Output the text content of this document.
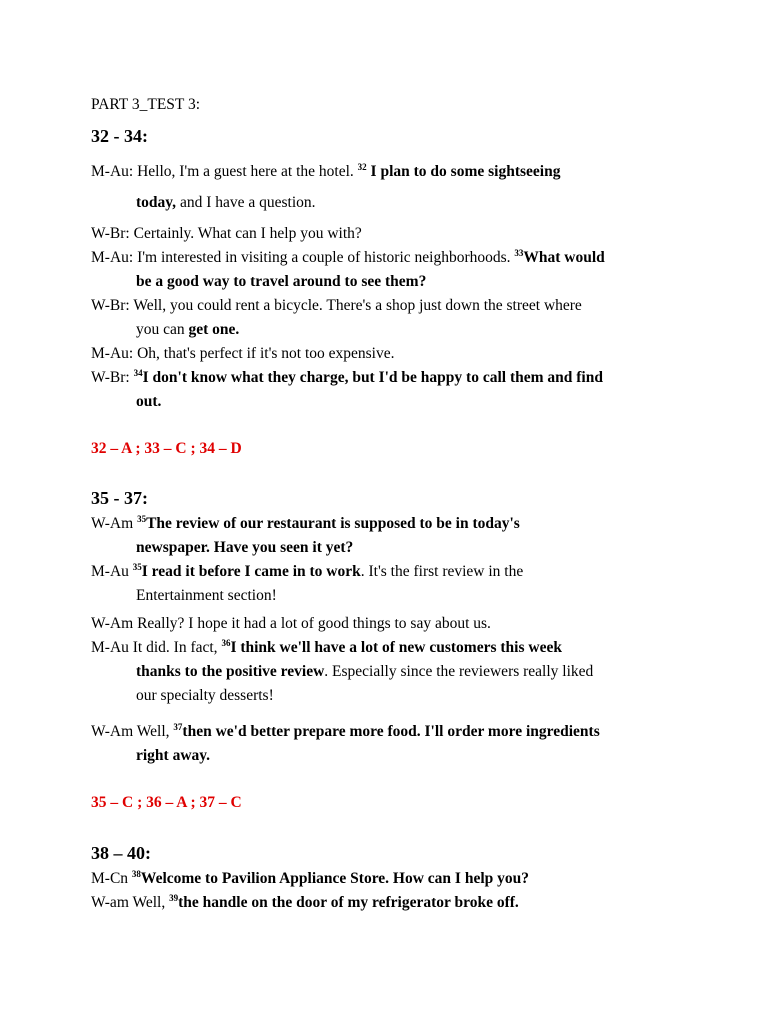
PART 3_TEST 3:
32 - 34:
M-Au: Hello, I'm a guest here at the hotel. $^{32}$ I plan to do some sightseeing
today, and I have a question.
W-Br: Certainly. What can I help you with?
M-Au: I'm interested in visiting a couple of historic neighborhoods. $^{33}$What would
be a good way to travel around to see them?
W-Br: Well, you could rent a bicycle. There's a shop just down the street where
you can get one.
M-Au: Oh, that's perfect if it's not too expensive.
W-Br: $^{34}$I don't know what they charge, but I'd be happy to call them and find
out.
32 – A ; 33 – C ; 34 – D
35 - 37:
W-Am $^{35}$The review of our restaurant is supposed to be in today's
newspaper. Have you seen it yet?
M-Au $^{35}$I read it before I came in to work. It's the first review in the
Entertainment section!
W-Am Really? I hope it had a lot of good things to say about us.
M-Au It did. In fact, $^{36}$I think we'll have a lot of new customers this week
thanks to the positive review. Especially since the reviewers really liked
our specialty desserts!
W-Am Well, $^{37}$then we'd better prepare more food. I'll order more ingredients
right away.
35 – C ; 36 – A ; 37 – C
38 – 40:
M-Cn $^{38}$Welcome to Pavilion Appliance Store. How can I help you?
W-am Well, $^{39}$the handle on the door of my refrigerator broke off.
